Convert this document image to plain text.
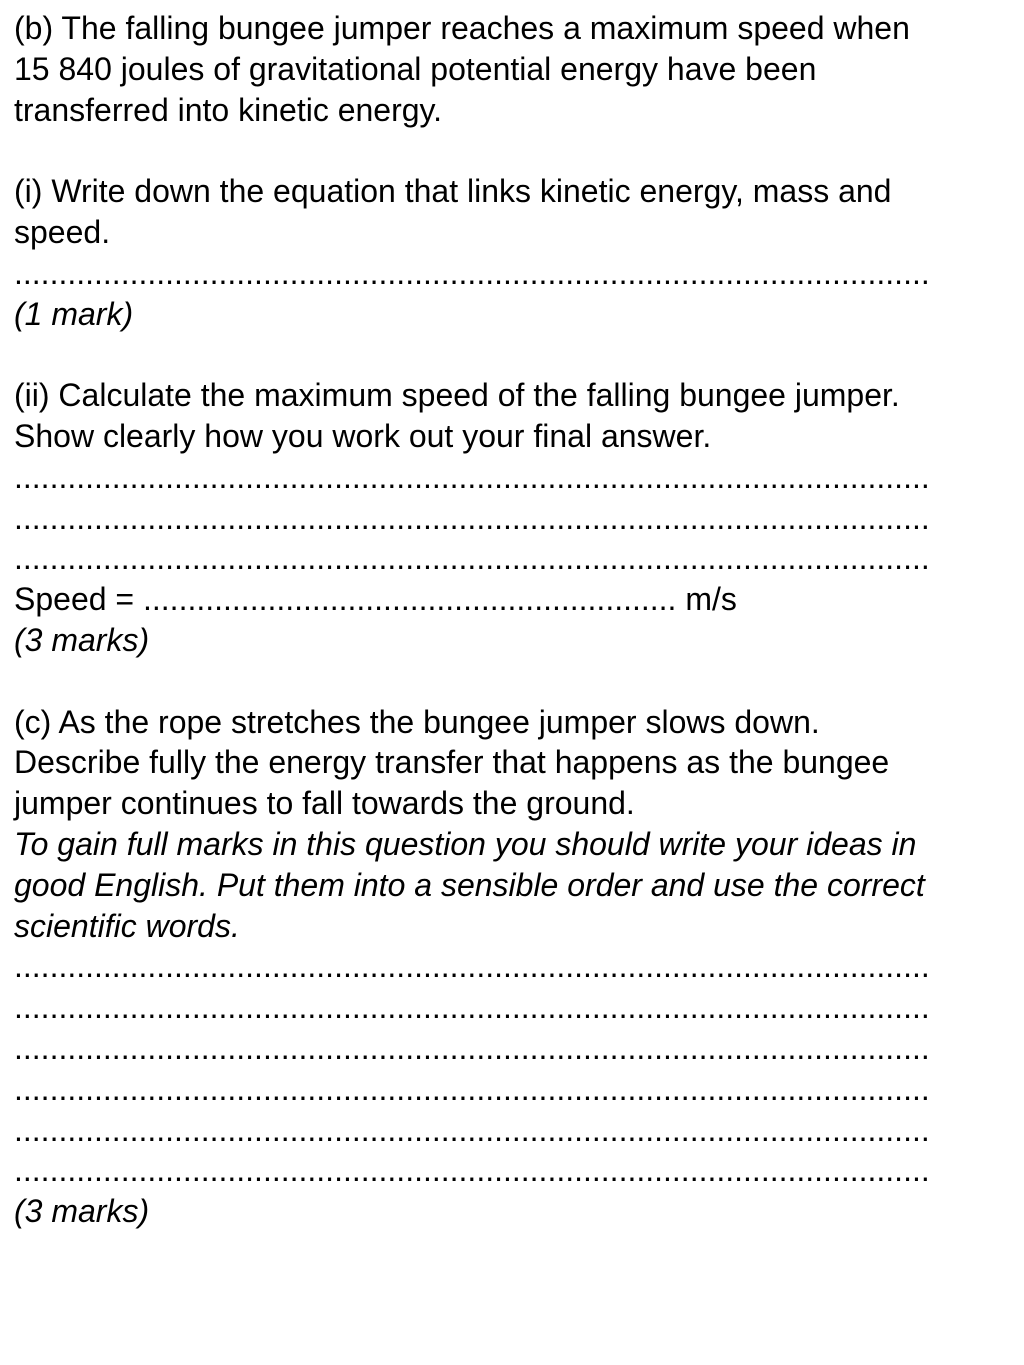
(b) The falling bungee jumper reaches a maximum speed when
15 840 joules of gravitational potential energy have been
transferred into kinetic energy.
(i) Write down the equation that links kinetic energy, mass and
speed.
.......................................................................................................
(1 mark)
(ii) Calculate the maximum speed of the falling bungee jumper.
Show clearly how you work out your final answer.
.......................................................................................................
.......................................................................................................
.......................................................................................................
Speed = ............................................................ m/s
(3 marks)
(c) As the rope stretches the bungee jumper slows down.
Describe fully the energy transfer that happens as the bungee
jumper continues to fall towards the ground.
To gain full marks in this question you should write your ideas in
good English. Put them into a sensible order and use the correct
scientific words.
.......................................................................................................
.......................................................................................................
.......................................................................................................
.......................................................................................................
.......................................................................................................
.......................................................................................................
(3 marks)
